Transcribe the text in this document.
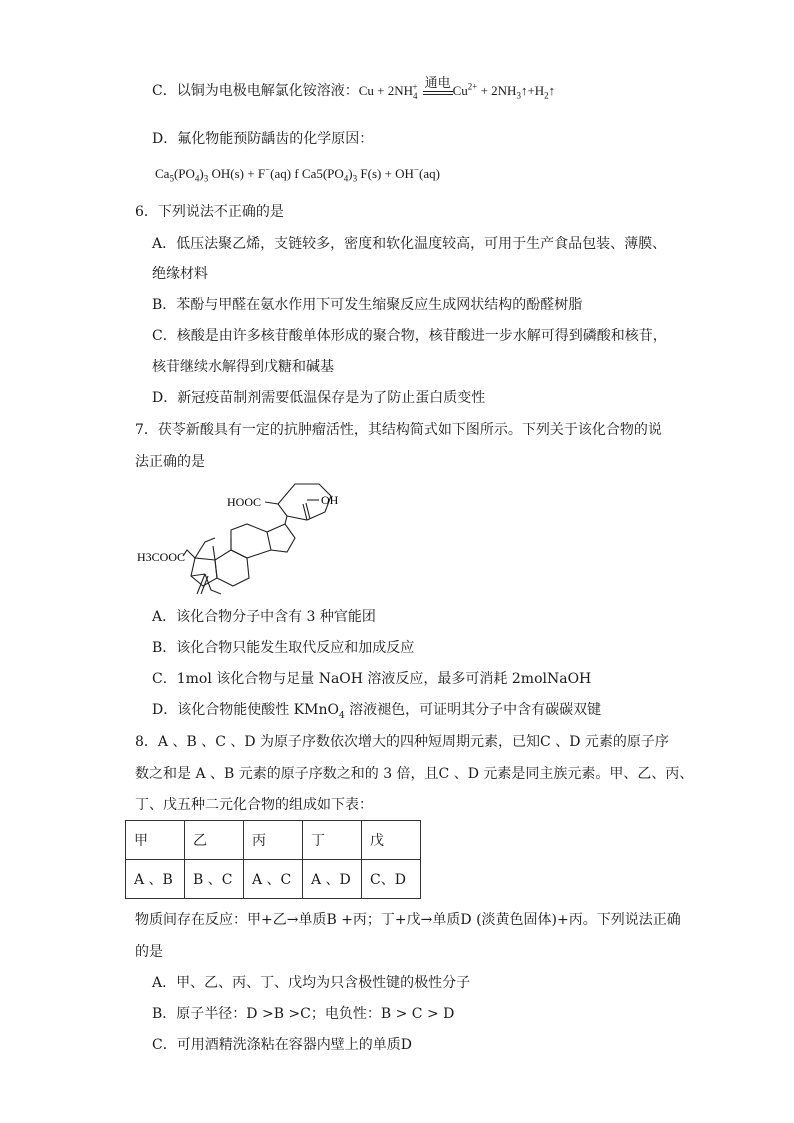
C．以铜为电极电解氯化铵溶液：$Cu + 2NH_4^+$ 通电
$Cu^{2+}$ + $2NH_3↑+H_2↑$
D．氟化物能预防龋齿的化学原因：
$Ca_5(PO_4)_3$ OH(s) + F−(aq) f $Ca5(PO_4)_3$ F(s) + OH−(aq)
6．下列说法不正确的是
A．低压法聚乙烯，支链较多，密度和软化温度较高，可用于生产食品包装、薄膜、
绝缘材料
B．苯酚与甲醛在氨水作用下可发生缩聚反应生成网状结构的酚醛树脂
C．核酸是由许多核苷酸单体形成的聚合物，核苷酸进一步水解可得到磷酸和核苷，
核苷继续水解得到戊糖和碱基
D．新冠疫苗制剂需要低温保存是为了防止蛋白质变性
7．茯苓新酸具有一定的抗肿瘤活性，其结构简式如下图所示。下列关于该化合物的说
法正确的是
HOOC	OH
H3COOC
A．该化合物分子中含有 3 种官能团
B．该化合物只能发生取代反应和加成反应
C．1mol 该化合物与足量 NaOH 溶液反应，最多可消耗 2molNaOH
D．该化合物能使酸性 KMnO$_4$ 溶液褪色，可证明其分子中含有碳碳双键
8．A 、B 、C 、D 为原子序数依次增大的四种短周期元素，已知C 、D 元素的原子序
数之和是 A 、B 元素的原子序数之和的 3 倍，且C 、D 元素是同主族元素。甲、乙、丙、
丁、戊五种二元化合物的组成如下表：
甲	乙	丙	丁	戊
A 、B	B 、C	A 、C	A 、D	C、D
物质间存在反应：甲+乙→单质B +丙；丁+戊→单质D (淡黄色固体)+丙。下列说法正确
的是
A．甲、乙、丙、丁、戊均为只含极性键的极性分子
B．原子半径：D >B >C；电负性：B > C > D
C．可用酒精洗涤粘在容器内壁上的单质D
